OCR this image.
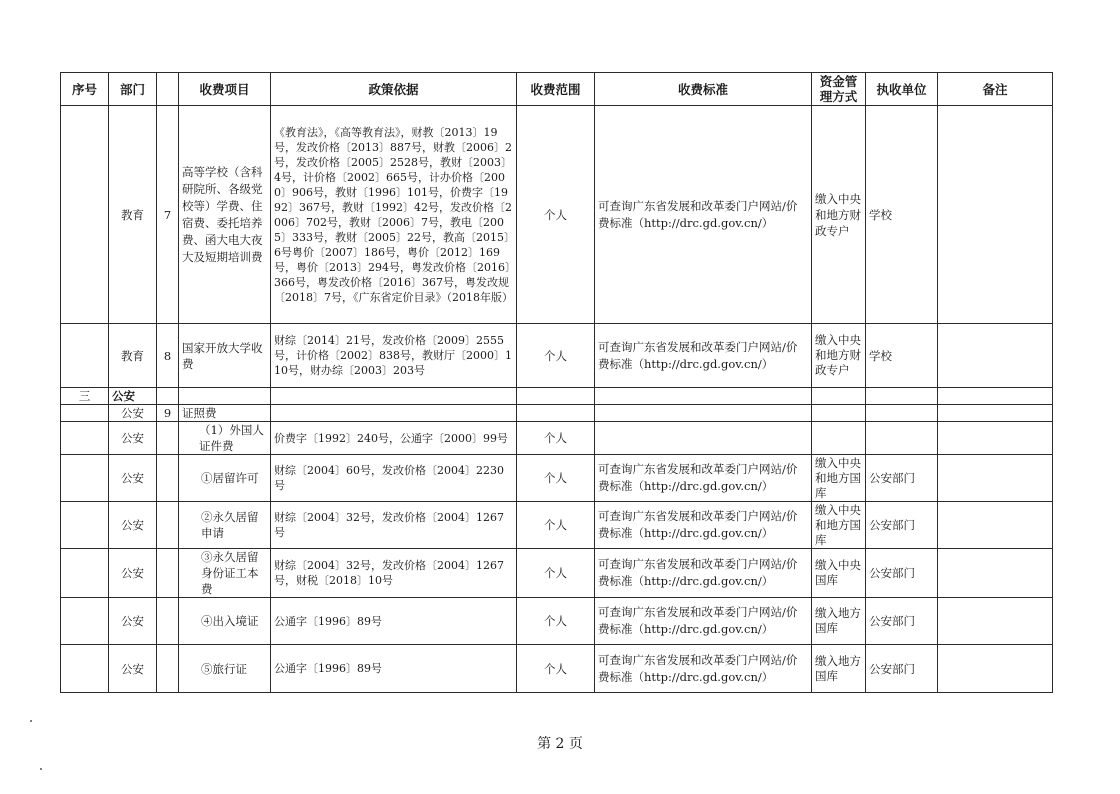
序号	部门		收费项目	政策依据	收费范围	收费标准	资金管理方式	执收单位	备注
	教育	7	高等学校（含科研院所、各级党校等）学费、住宿费、委托培养费、函大电大夜大及短期培训费	《教育法》，《高等教育法》，财教〔2013〕19号，发改价格〔2013〕887号，财教〔2006〕2号，发改价格〔2005〕2528号，教财〔2003〕4号，计价格〔2002〕665号，计办价格〔2000〕906号，教财〔1996〕101号，价费字〔1992〕367号，教财〔1992〕42号，发改价格〔2006〕702号，教财〔2006〕7号，教电〔2005〕333号，教财〔2005〕22号，教高〔2015〕6号粤价〔2007〕186号，粤价〔2012〕169号，粤价〔2013〕294号，粤发改价格〔2016〕366号，粤发改价格〔2016〕367号，粤发改规〔2018〕7号，《广东省定价目录》（2018年版）	个人	可查询广东省发展和改革委门户网站/价费标准（http://drc.gd.gov.cn/）	缴入中央和地方财政专户	学校	
	教育	8	国家开放大学收费	财综〔2014〕21号，发改价格〔2009〕2555号，计价格〔2002〕838号，教财厅〔2000〕110号，财办综〔2003〕203号	个人	可查询广东省发展和改革委门户网站/价费标准（http://drc.gd.gov.cn/）	缴入中央和地方财政专户	学校	
三	公安								
	公安	9	证照费						
	公安		（1）外国人证件费	价费字〔1992〕240号，公通字〔2000〕99号	个人				
	公安		①居留许可	财综〔2004〕60号，发改价格〔2004〕2230号	个人	可查询广东省发展和改革委门户网站/价费标准（http://drc.gd.gov.cn/）	缴入中央和地方国库	公安部门	
	公安		②永久居留申请	财综〔2004〕32号，发改价格〔2004〕1267号	个人	可查询广东省发展和改革委门户网站/价费标准（http://drc.gd.gov.cn/）	缴入中央和地方国库	公安部门	
	公安		③永久居留身份证工本费	财综〔2004〕32号，发改价格〔2004〕1267号，财税〔2018〕10号	个人	可查询广东省发展和改革委门户网站/价费标准（http://drc.gd.gov.cn/）	缴入中央国库	公安部门	
	公安		④出入境证	公通字〔1996〕89号	个人	可查询广东省发展和改革委门户网站/价费标准（http://drc.gd.gov.cn/）	缴入地方国库	公安部门	
	公安		⑤旅行证	公通字〔1996〕89号	个人	可查询广东省发展和改革委门户网站/价费标准（http://drc.gd.gov.cn/）	缴入地方国库	公安部门	
第 2 页
